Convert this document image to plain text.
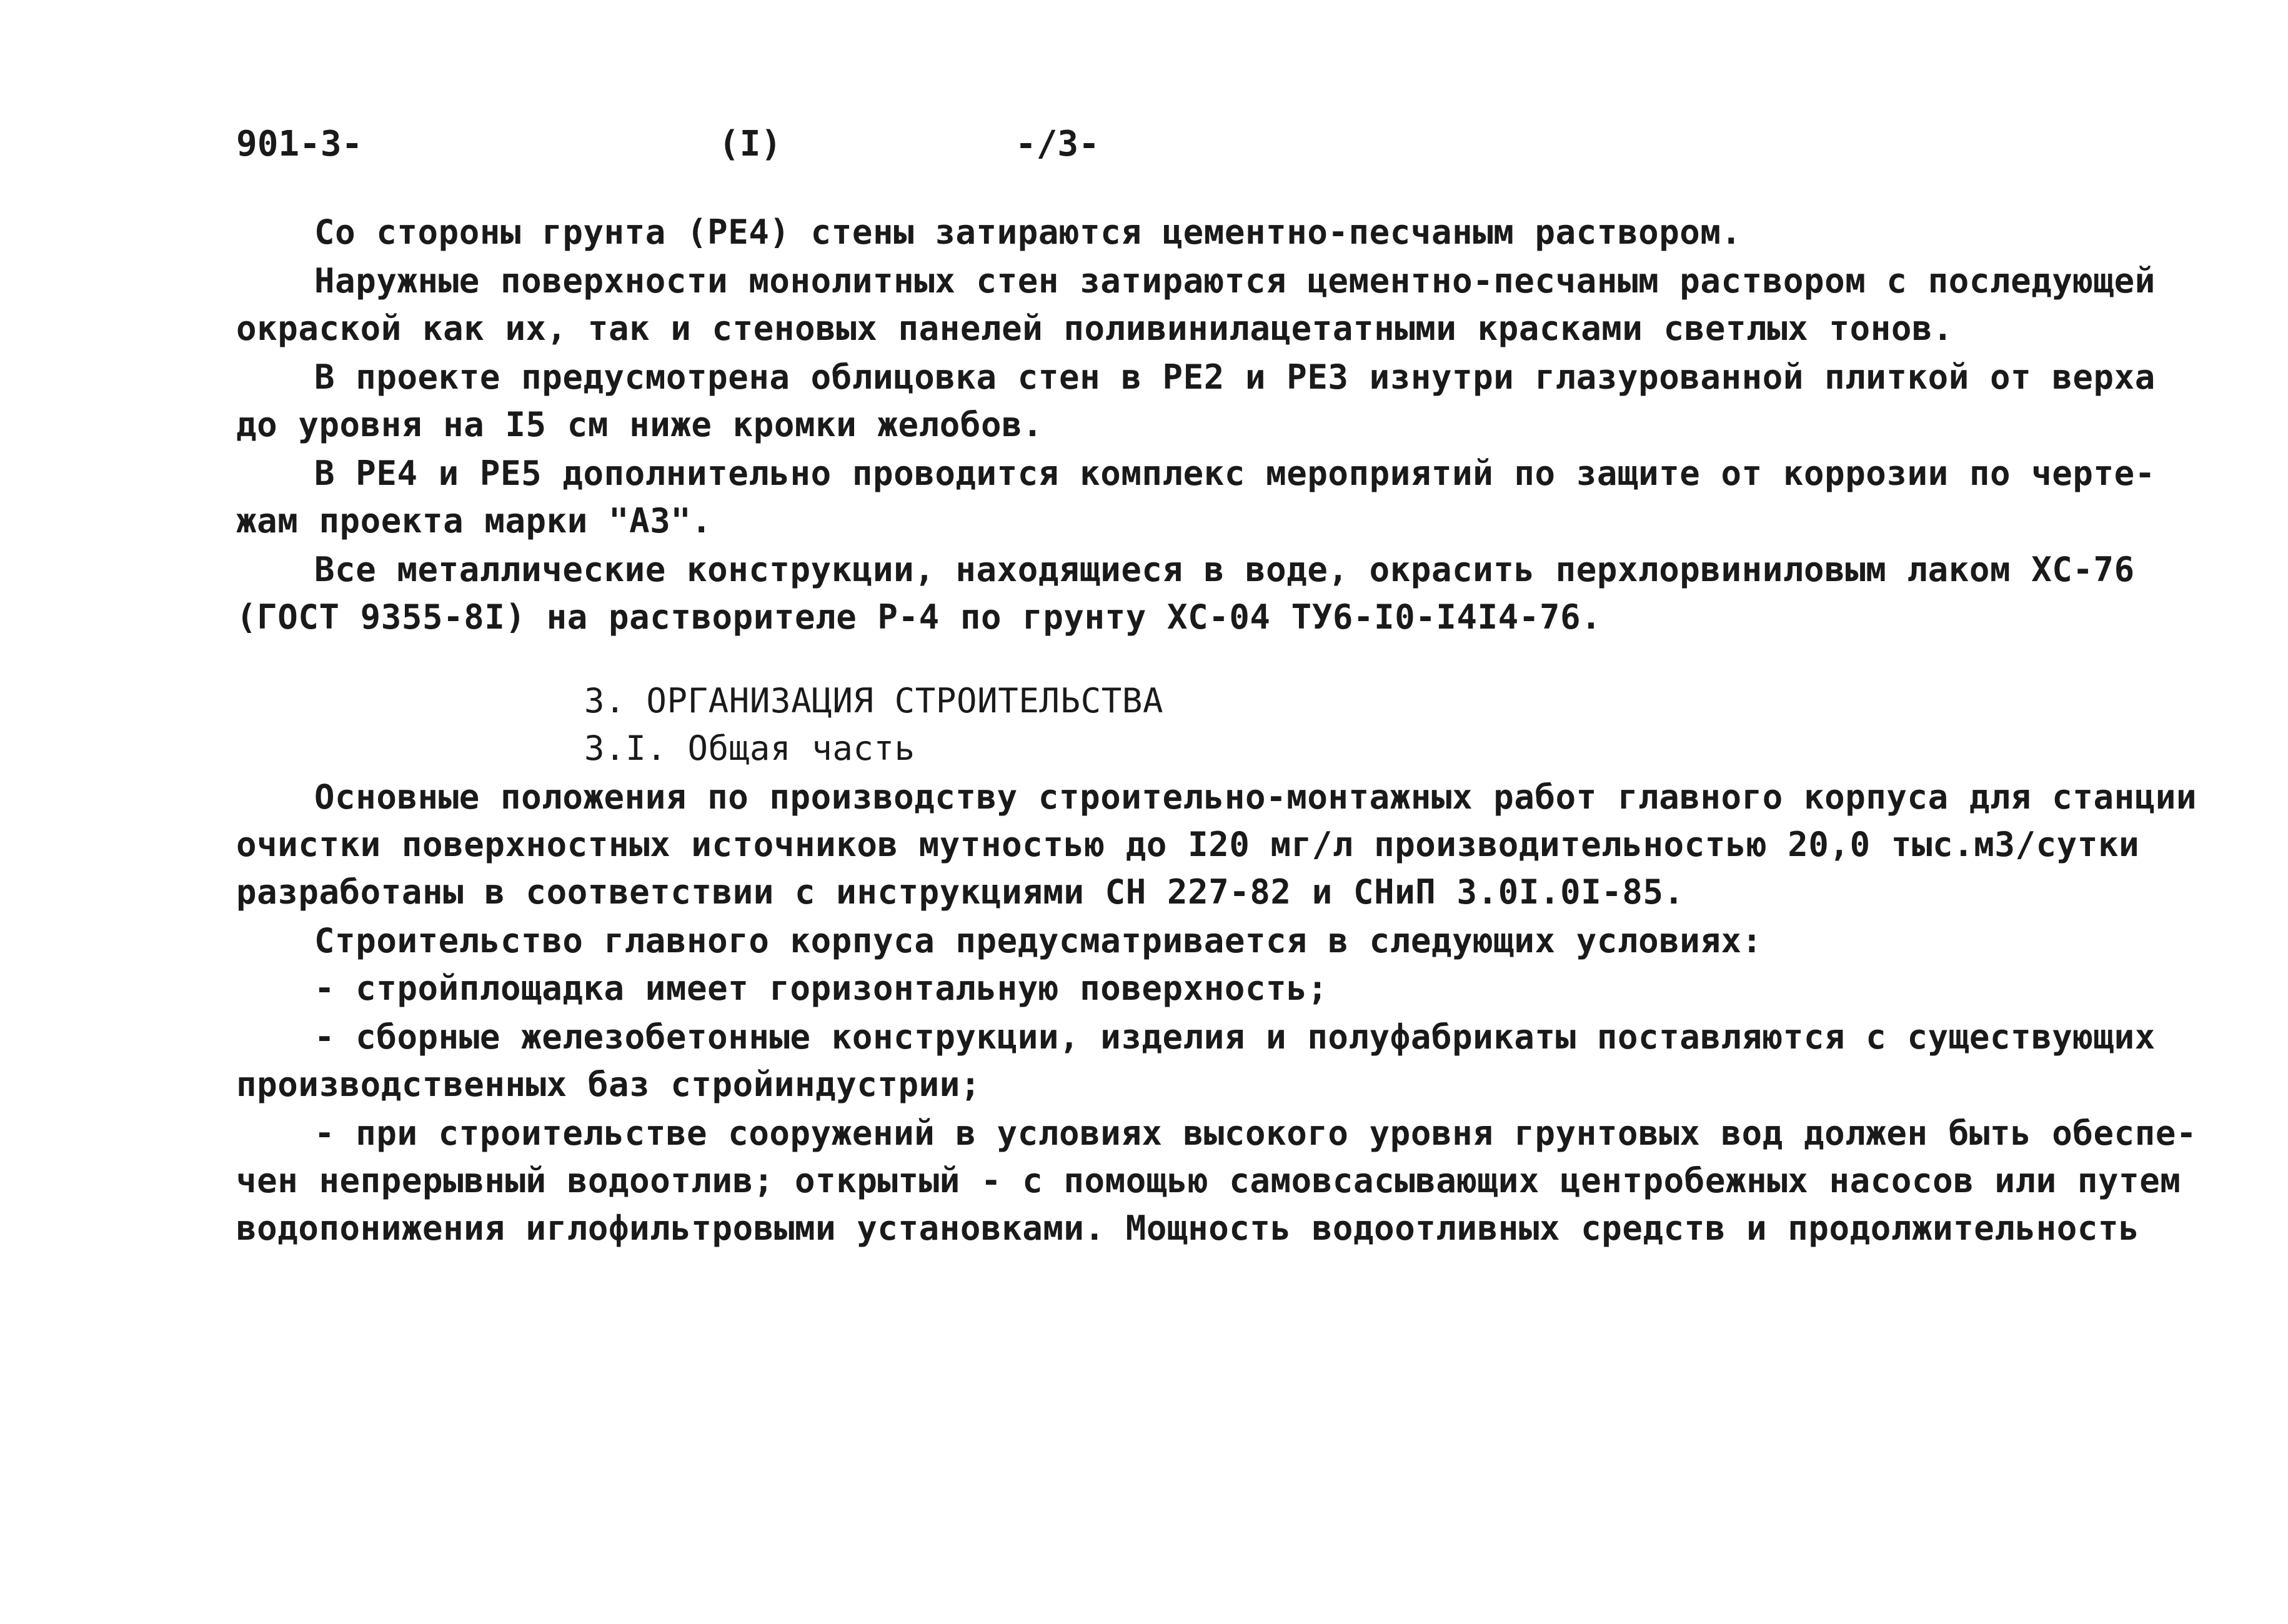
901-3-	(I)	-/3-
Со стороны грунта (РЕ4) стены затираются цементно-песчаным раствором.
Наружные поверхности монолитных стен затираются цементно-песчаным раствором с последующей
окраской как их, так и стеновых панелей поливинилацетатными красками светлых тонов.
В проекте предусмотрена облицовка стен в РЕ2 и РЕ3 изнутри глазурованной плиткой от верха
до уровня на I5 см ниже кромки желобов.
В РЕ4 и РЕ5 дополнительно проводится комплекс мероприятий по защите от коррозии по черте-
жам проекта марки "АЗ".
Все металлические конструкции, находящиеся в воде, окрасить перхлорвиниловым лаком ХС-76
(ГОСТ 9355-8I) на растворителе Р-4 по грунту ХС-04 ТУ6-I0-I4I4-76.
3. ОРГАНИЗАЦИЯ СТРОИТЕЛЬСТВА
3.I. Общая часть
Основные положения по производству строительно-монтажных работ главного корпуса для станции
очистки поверхностных источников мутностью до I20 мг/л производительностью 20,0 тыс.м3/сутки
разработаны в соответствии с инструкциями СН 227-82 и СНиП 3.0I.0I-85.
Строительство главного корпуса предусматривается в следующих условиях:
- стройплощадка имеет горизонтальную поверхность;
- сборные железобетонные конструкции, изделия и полуфабрикаты поставляются с существующих
производственных баз стройиндустрии;
- при строительстве сооружений в условиях высокого уровня грунтовых вод должен быть обеспе-
чен непрерывный водоотлив; открытый - с помощью самовсасывающих центробежных насосов или путем
водопонижения иглофильтровыми установками. Мощность водоотливных средств и продолжительность
